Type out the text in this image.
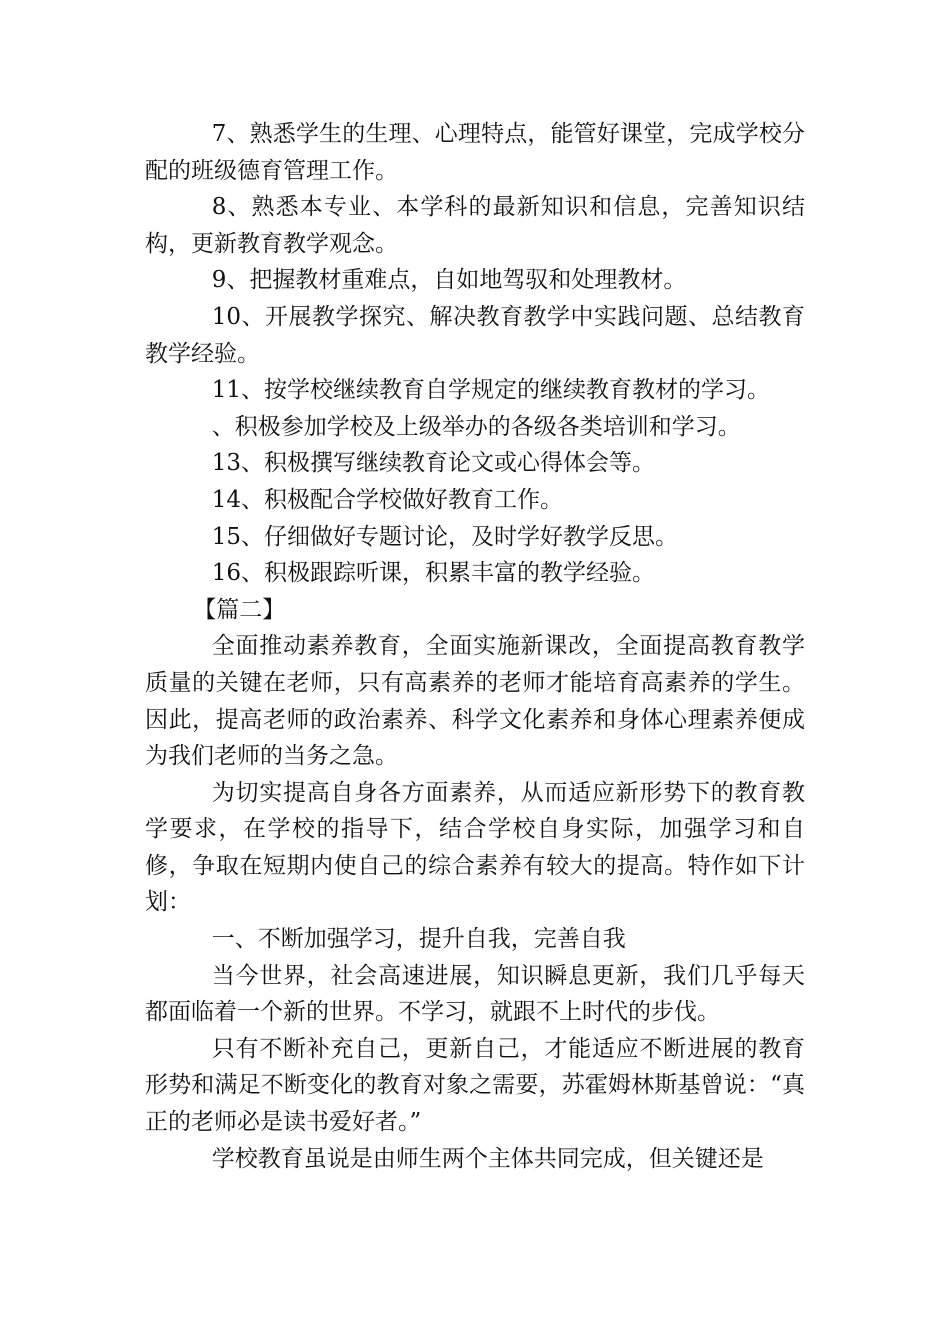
7、熟悉学生的生理、心理特点，能管好课堂，完成学校分配的班级德育管理工作。

8、熟悉本专业、本学科的最新知识和信息，完善知识结构，更新教育教学观念。

9、把握教材重难点，自如地驾驭和处理教材。

10、开展教学探究、解决教育教学中实践问题、总结教育教学经验。

11、按学校继续教育自学规定的继续教育教材的学习。

、积极参加学校及上级举办的各级各类培训和学习。

13、积极撰写继续教育论文或心得体会等。

14、积极配合学校做好教育工作。

15、仔细做好专题讨论，及时学好教学反思。

16、积极跟踪听课，积累丰富的教学经验。

【篇二】

全面推动素养教育，全面实施新课改，全面提高教育教学质量的关键在老师，只有高素养的老师才能培育高素养的学生。因此，提高老师的政治素养、科学文化素养和身体心理素养便成为我们老师的当务之急。

为切实提高自身各方面素养，从而适应新形势下的教育教学要求，在学校的指导下，结合学校自身实际，加强学习和自修，争取在短期内使自己的综合素养有较大的提高。特作如下计划：

一、不断加强学习，提升自我，完善自我

当今世界，社会高速进展，知识瞬息更新，我们几乎每天都面临着一个新的世界。不学习，就跟不上时代的步伐。

只有不断补充自己，更新自己，才能适应不断进展的教育形势和满足不断变化的教育对象之需要，苏霍姆林斯基曾说：“真正的老师必是读书爱好者。”

学校教育虽说是由师生两个主体共同完成，但关键还是
